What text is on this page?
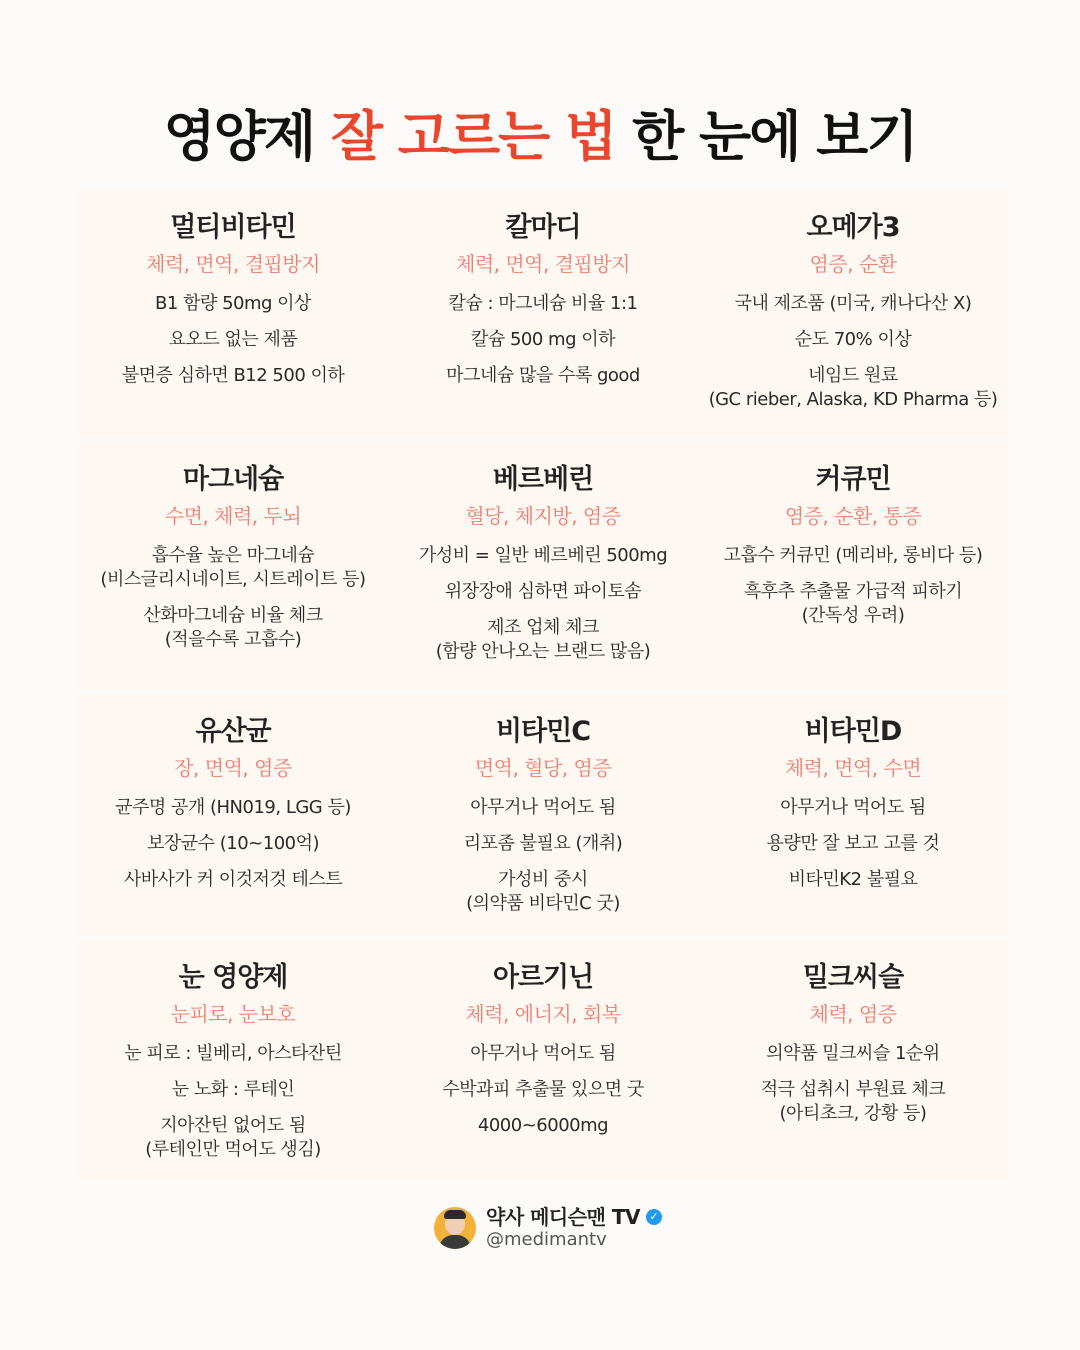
영양제 잘 고르는 법 한 눈에 보기
멀티비타민
체력, 면역, 결핍방지
B1 함량 50mg 이상
요오드 없는 제품
불면증 심하면 B12 500 이하
칼마디
체력, 면역, 결핍방지
칼슘 : 마그네슘 비율 1:1
칼슘 500 mg 이하
마그네슘 많을 수록 good
오메가3
염증, 순환
국내 제조품 (미국, 캐나다산 X)
순도 70% 이상
네임드 원료
(GC rieber, Alaska, KD Pharma 등)
마그네슘
수면, 체력, 두뇌
흡수율 높은 마그네슘
(비스글리시네이트, 시트레이트 등)
산화마그네슘 비율 체크
(적을수록 고흡수)
베르베린
혈당, 체지방, 염증
가성비 = 일반 베르베린 500mg
위장장애 심하면 파이토솜
제조 업체 체크
(함량 안나오는 브랜드 많음)
커큐민
염증, 순환, 통증
고흡수 커큐민 (메리바, 롱비다 등)
흑후추 추출물 가급적 피하기
(간독성 우려)
유산균
장, 면역, 염증
균주명 공개 (HN019, LGG 등)
보장균수 (10~100억)
사바사가 커 이것저것 테스트
비타민C
면역, 혈당, 염증
아무거나 먹어도 됨
리포좀 불필요 (개취)
가성비 중시
(의약품 비타민C 굿)
비타민D
체력, 면역, 수면
아무거나 먹어도 됨
용량만 잘 보고 고를 것
비타민K2 불필요
눈 영양제
눈피로, 눈보호
눈 피로 : 빌베리, 아스타잔틴
눈 노화 : 루테인
지아잔틴 없어도 됨
(루테인만 먹어도 생김)
아르기닌
체력, 에너지, 회복
아무거나 먹어도 됨
수박과피 추출물 있으면 굿
4000~6000mg
밀크씨슬
체력, 염증
의약품 밀크씨슬 1순위
적극 섭취시 부원료 체크
(아티초크, 강황 등)
약사 메디슨맨 TV ✓
@medimantv
